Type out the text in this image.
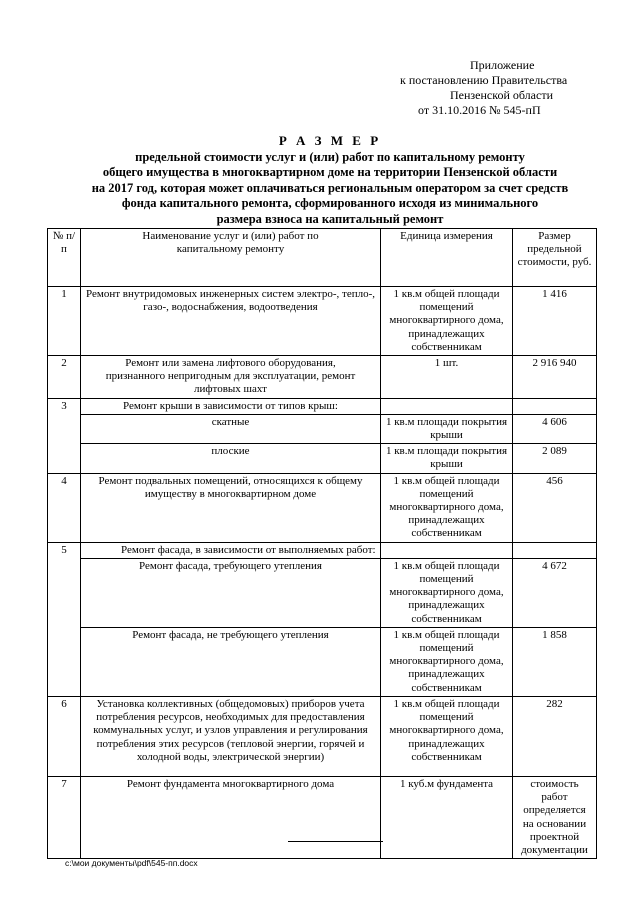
Приложение
к постановлению Правительства
Пензенской области
от 31.10.2016 № 545-пП
Р А З М Е Р
предельной стоимости услуг и (или) работ по капитальному ремонту
общего имущества в многоквартирном доме на территории Пензенской области
на 2017 год, которая может оплачиваться региональным оператором за счет средств
фонда капитального ремонта, сформированного исходя из минимального
размера взноса на капитальный ремонт
№ п/п	Наименование услуг и (или) работ по капитальному ремонту	Единица измерения	Размер предельной стоимости, руб.
1	Ремонт внутридомовых инженерных систем электро-, тепло-, газо-, водоснабжения, водоотведения	1 кв.м общей площади помещений многоквартирного дома, принадлежащих собственникам	1 416
2	Ремонт или замена лифтового оборудования, признанного непригодным для эксплуатации, ремонт лифтовых шахт	1 шт.	2 916 940
3	Ремонт крыши в зависимости от типов крыш:		
	скатные	1 кв.м площади покрытия крыши	4 606
	плоские	1 кв.м площади покрытия крыши	2 089
4	Ремонт подвальных помещений, относящихся к общему имуществу в многоквартирном доме	1 кв.м общей площади помещений многоквартирного дома, принадлежащих собственникам	456
5	Ремонт фасада, в зависимости от выполняемых работ:		
	Ремонт фасада, требующего утепления	1 кв.м общей площади помещений многоквартирного дома, принадлежащих собственникам	4 672
	Ремонт фасада, не требующего утепления	1 кв.м общей площади помещений многоквартирного дома, принадлежащих собственникам	1 858
6	Установка коллективных (общедомовых) приборов учета потребления ресурсов, необходимых для предоставления коммунальных услуг, и узлов управления и регулирования потребления этих ресурсов (тепловой энергии, горячей и холодной воды, электрической энергии)	1 кв.м общей площади помещений многоквартирного дома, принадлежащих собственникам	282
7	Ремонт фундамента многоквартирного дома	1 куб.м фундамента	стоимость работ определяется на основании проектной документации
c:\мои документы\pdf\545-пп.docx
